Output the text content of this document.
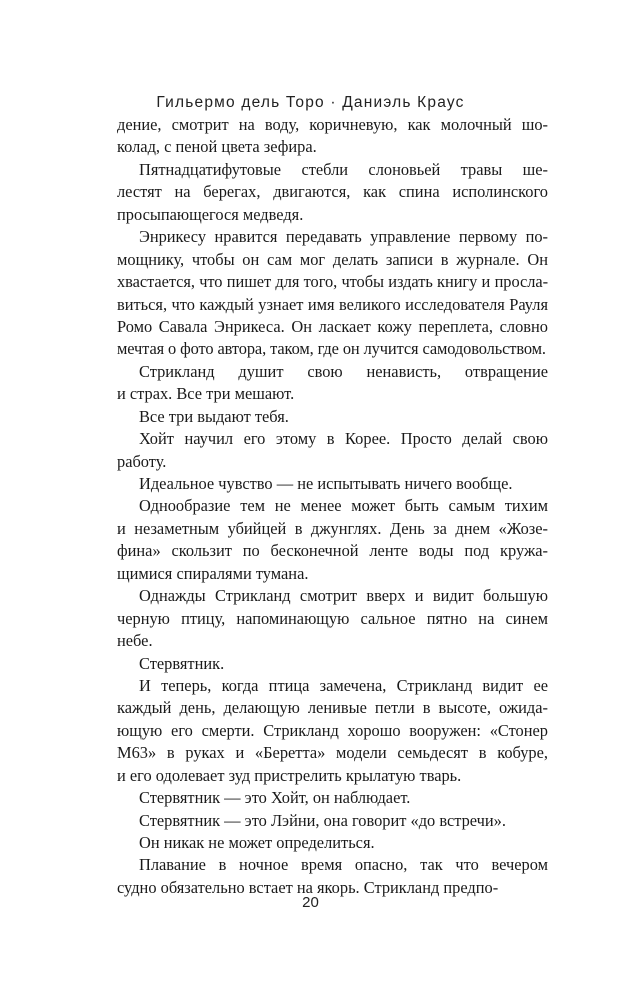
Гильермо дель Торо · Даниэль Краус
дение, смотрит на воду, коричневую, как молочный шо-
колад, с пеной цвета зефира.
Пятнадцатифутовые стебли слоновьей травы ше-
лестят на берегах, двигаются, как спина исполинского
просыпающегося медведя.
Энрикесу нравится передавать управление первому по-
мощнику, чтобы он сам мог делать записи в журнале. Он
хвастается, что пишет для того, чтобы издать книгу и просла-
виться, что каждый узнает имя великого исследователя Рауля
Ромо Савала Энрикеса. Он ласкает кожу переплета, словно
мечтая о фото автора, таком, где он лучится самодовольством.
Стрикланд душит свою ненависть, отвращение
и страх. Все три мешают.
Все три выдают тебя.
Хойт научил его этому в Корее. Просто делай свою
работу.
Идеальное чувство — не испытывать ничего вообще.
Однообразие тем не менее может быть самым тихим
и незаметным убийцей в джунглях. День за днем «Жозе-
фина» скользит по бесконечной ленте воды под кружа-
щимися спиралями тумана.
Однажды Стрикланд смотрит вверх и видит большую
черную птицу, напоминающую сальное пятно на синем
небе.
Стервятник.
И теперь, когда птица замечена, Стрикланд видит ее
каждый день, делающую ленивые петли в высоте, ожида-
ющую его смерти. Стрикланд хорошо вооружен: «Стонер
M63» в руках и «Беретта» модели семьдесят в кобуре,
и его одолевает зуд пристрелить крылатую тварь.
Стервятник — это Хойт, он наблюдает.
Стервятник — это Лэйни, она говорит «до встречи».
Он никак не может определиться.
Плавание в ночное время опасно, так что вечером
судно обязательно встает на якорь. Стрикланд предпо-
20
